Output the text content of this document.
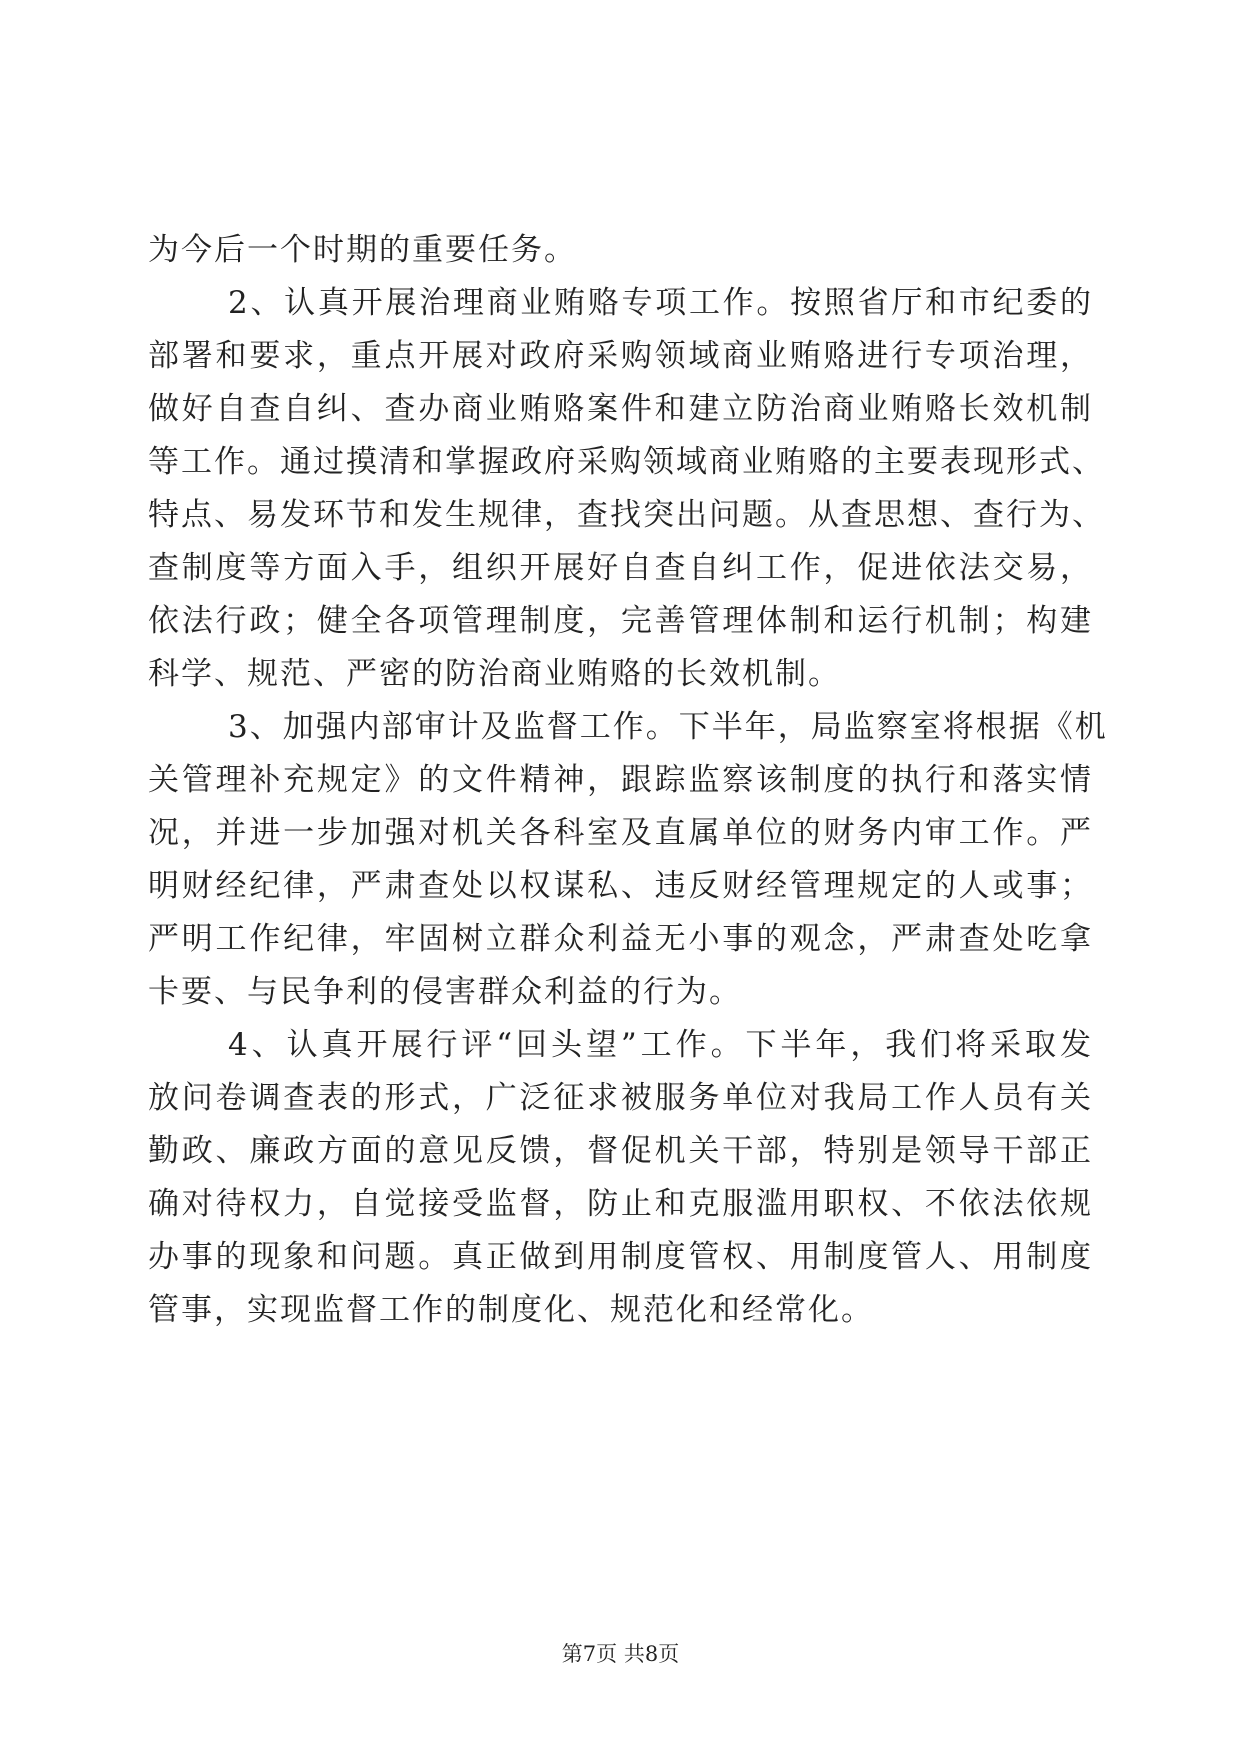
为今后一个时期的重要任务。
2、认真开展治理商业贿赂专项工作。按照省厅和市纪委的
部署和要求，重点开展对政府采购领域商业贿赂进行专项治理，
做好自查自纠、查办商业贿赂案件和建立防治商业贿赂长效机制
等工作。通过摸清和掌握政府采购领域商业贿赂的主要表现形式、
特点、易发环节和发生规律，查找突出问题。从查思想、查行为、
查制度等方面入手，组织开展好自查自纠工作，促进依法交易，
依法行政；健全各项管理制度，完善管理体制和运行机制；构建
科学、规范、严密的防治商业贿赂的长效机制。
3、加强内部审计及监督工作。下半年，局监察室将根据《机
关管理补充规定》的文件精神，跟踪监察该制度的执行和落实情
况，并进一步加强对机关各科室及直属单位的财务内审工作。严
明财经纪律，严肃查处以权谋私、违反财经管理规定的人或事；
严明工作纪律，牢固树立群众利益无小事的观念，严肃查处吃拿
卡要、与民争利的侵害群众利益的行为。
4、认真开展行评“回头望”工作。下半年，我们将采取发
放问卷调查表的形式，广泛征求被服务单位对我局工作人员有关
勤政、廉政方面的意见反馈，督促机关干部，特别是领导干部正
确对待权力，自觉接受监督，防止和克服滥用职权、不依法依规
办事的现象和问题。真正做到用制度管权、用制度管人、用制度
管事，实现监督工作的制度化、规范化和经常化。
第7页 共8页
